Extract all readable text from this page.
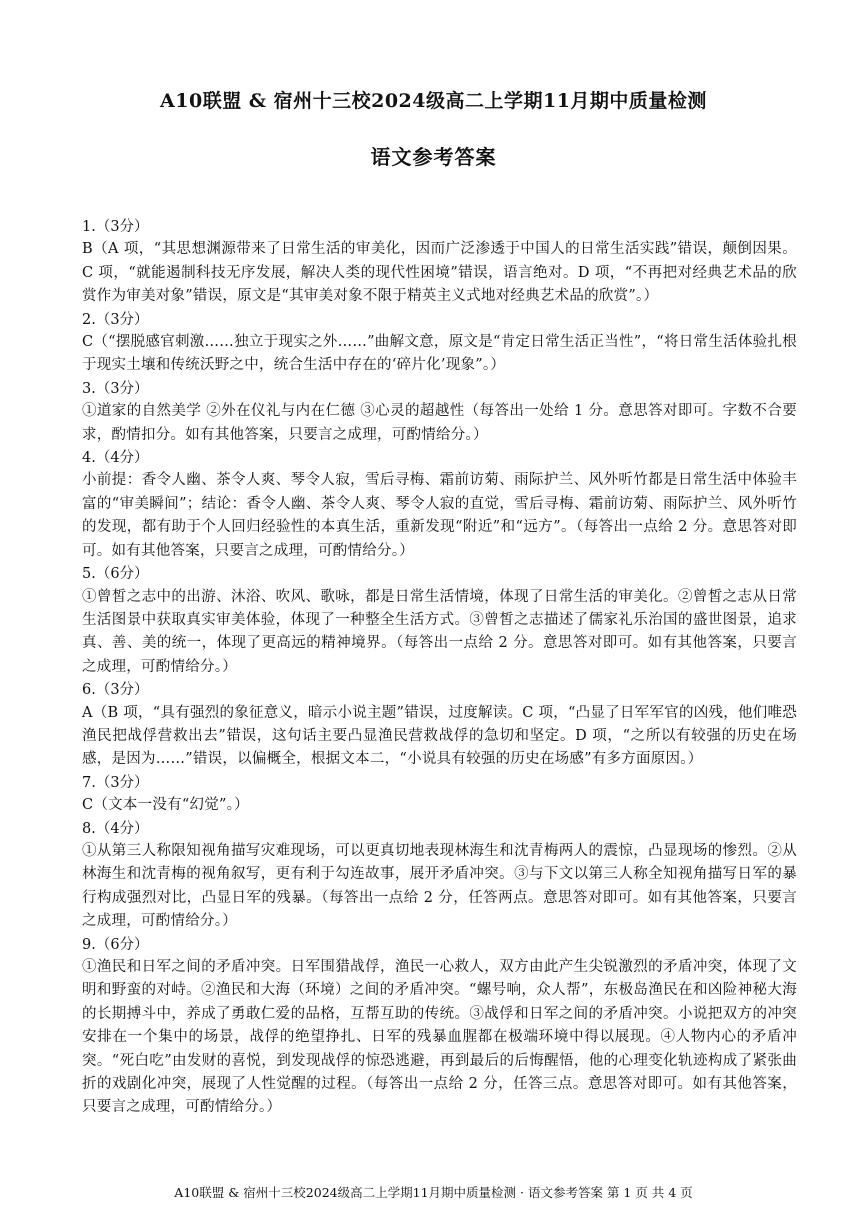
A10联盟 & 宿州十三校2024级高二上学期11月期中质量检测
语文参考答案
1.（3分）
B（A 项，“其思想渊源带来了日常生活的审美化，因而广泛渗透于中国人的日常生活实践”错误，颠倒因果。C 项，“就能遏制科技无序发展，解决人类的现代性困境”错误，语言绝对。D 项，“不再把对经典艺术品的欣赏作为审美对象”错误，原文是“其审美对象不限于精英主义式地对经典艺术品的欣赏”。）
2.（3分）
C（“摆脱感官刺激……独立于现实之外……”曲解文意，原文是“肯定日常生活正当性”，“将日常生活体验扎根于现实土壤和传统沃野之中，统合生活中存在的‘碎片化’现象”。）
3.（3分）
①道家的自然美学 ②外在仪礼与内在仁德 ③心灵的超越性（每答出一处给 1 分。意思答对即可。字数不合要求，酌情扣分。如有其他答案，只要言之成理，可酌情给分。）
4.（4分）
小前提：香令人幽、茶令人爽、琴令人寂，雪后寻梅、霜前访菊、雨际护兰、风外听竹都是日常生活中体验丰富的“审美瞬间”；结论：香令人幽、茶令人爽、琴令人寂的直觉，雪后寻梅、霜前访菊、雨际护兰、风外听竹的发现，都有助于个人回归经验性的本真生活，重新发现“附近”和“远方”。（每答出一点给 2 分。意思答对即可。如有其他答案，只要言之成理，可酌情给分。）
5.（6分）
①曾皙之志中的出游、沐浴、吹风、歌咏，都是日常生活情境，体现了日常生活的审美化。②曾皙之志从日常生活图景中获取真实审美体验，体现了一种整全生活方式。③曾皙之志描述了儒家礼乐治国的盛世图景，追求真、善、美的统一，体现了更高远的精神境界。（每答出一点给 2 分。意思答对即可。如有其他答案，只要言之成理，可酌情给分。）
6.（3分）
A（B 项，“具有强烈的象征意义，暗示小说主题”错误，过度解读。C 项，“凸显了日军军官的凶残，他们唯恐渔民把战俘营救出去”错误，这句话主要凸显渔民营救战俘的急切和坚定。D 项，“之所以有较强的历史在场感，是因为……”错误，以偏概全，根据文本二，“小说具有较强的历史在场感”有多方面原因。）
7.（3分）
C（文本一没有“幻觉”。）
8.（4分）
①从第三人称限知视角描写灾难现场，可以更真切地表现林海生和沈青梅两人的震惊，凸显现场的惨烈。②从林海生和沈青梅的视角叙写，更有利于勾连故事，展开矛盾冲突。③与下文以第三人称全知视角描写日军的暴行构成强烈对比，凸显日军的残暴。（每答出一点给 2 分，任答两点。意思答对即可。如有其他答案，只要言之成理，可酌情给分。）
9.（6分）
①渔民和日军之间的矛盾冲突。日军围猎战俘，渔民一心救人，双方由此产生尖锐激烈的矛盾冲突，体现了文明和野蛮的对峙。②渔民和大海（环境）之间的矛盾冲突。“螺号响，众人帮”，东极岛渔民在和凶险神秘大海的长期搏斗中，养成了勇敢仁爱的品格，互帮互助的传统。③战俘和日军之间的矛盾冲突。小说把双方的冲突安排在一个集中的场景，战俘的绝望挣扎、日军的残暴血腥都在极端环境中得以展现。④人物内心的矛盾冲突。“死白吃”由发财的喜悦，到发现战俘的惊恐逃避，再到最后的后悔醒悟，他的心理变化轨迹构成了紧张曲折的戏剧化冲突，展现了人性觉醒的过程。（每答出一点给 2 分，任答三点。意思答对即可。如有其他答案，只要言之成理，可酌情给分。）
A10联盟 & 宿州十三校2024级高二上学期11月期中质量检测 · 语文参考答案 第 1 页 共 4 页
